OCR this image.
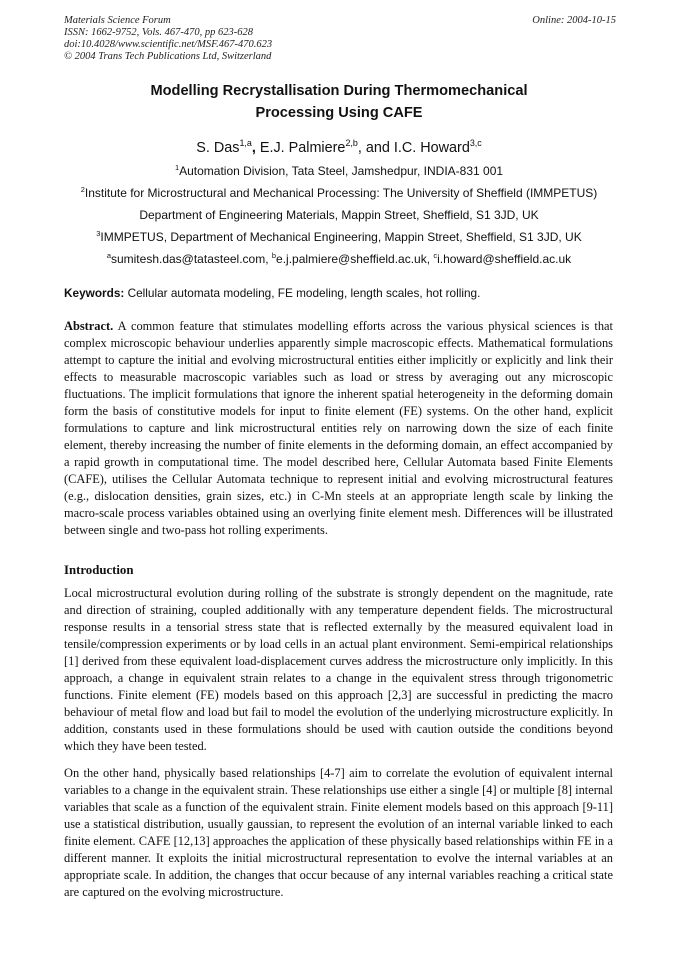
Materials Science Forum
ISSN: 1662-9752, Vols. 467-470, pp 623-628
doi:10.4028/www.scientific.net/MSF.467-470.623
© 2004 Trans Tech Publications Ltd, Switzerland
Online: 2004-10-15
Modelling Recrystallisation During Thermomechanical
Processing Using CAFE
S. Das$^{1,a}$, E.J. Palmiere$^{2,b}$, and I.C. Howard$^{3,c}$
$^1$Automation Division, Tata Steel, Jamshedpur, INDIA-831 001
$^2$Institute for Microstructural and Mechanical Processing: The University of Sheffield (IMMPETUS)
Department of Engineering Materials, Mappin Street, Sheffield, S1 3JD, UK
$^3$IMMPETUS, Department of Mechanical Engineering, Mappin Street, Sheffield, S1 3JD, UK
$^a$sumitesh.das@tatasteel.com, $^b$e.j.palmiere@sheffield.ac.uk, $^c$i.howard@sheffield.ac.uk
Keywords: Cellular automata modeling, FE modeling, length scales, hot rolling.
Abstract. A common feature that stimulates modelling efforts across the various physical sciences is that complex microscopic behaviour underlies apparently simple macroscopic effects. Mathematical formulations attempt to capture the initial and evolving microstructural entities either implicitly or explicitly and link their effects to measurable macroscopic variables such as load or stress by averaging out any microscopic fluctuations. The implicit formulations that ignore the inherent spatial heterogeneity in the deforming domain form the basis of constitutive models for input to finite element (FE) systems. On the other hand, explicit formulations to capture and link microstructural entities rely on narrowing down the size of each finite element, thereby increasing the number of finite elements in the deforming domain, an effect accompanied by a rapid growth in computational time. The model described here, Cellular Automata based Finite Elements (CAFE), utilises the Cellular Automata technique to represent initial and evolving microstructural features (e.g., dislocation densities, grain sizes, etc.) in C-Mn steels at an appropriate length scale by linking the macro-scale process variables obtained using an overlying finite element mesh. Differences will be illustrated between single and two-pass hot rolling experiments.
Introduction
Local microstructural evolution during rolling of the substrate is strongly dependent on the magnitude, rate and direction of straining, coupled additionally with any temperature dependent fields. The microstructural response results in a tensorial stress state that is reflected externally by the measured equivalent load in tensile/compression experiments or by load cells in an actual plant environment. Semi-empirical relationships [1] derived from these equivalent load-displacement curves address the microstructure only implicitly. In this approach, a change in equivalent strain relates to a change in the equivalent stress through trigonometric functions. Finite element (FE) models based on this approach [2,3] are successful in predicting the macro behaviour of metal flow and load but fail to model the evolution of the underlying microstructure explicitly. In addition, constants used in these formulations should be used with caution outside the conditions beyond which they have been tested.
On the other hand, physically based relationships [4-7] aim to correlate the evolution of equivalent internal variables to a change in the equivalent strain. These relationships use either a single [4] or multiple [8] internal variables that scale as a function of the equivalent strain. Finite element models based on this approach [9-11] use a statistical distribution, usually gaussian, to represent the evolution of an internal variable linked to each finite element. CAFE [12,13] approaches the application of these physically based relationships within FE in a different manner. It exploits the initial microstructural representation to evolve the internal variables at an appropriate scale. In addition, the changes that occur because of any internal variables reaching a critical state are captured on the evolving microstructure.
